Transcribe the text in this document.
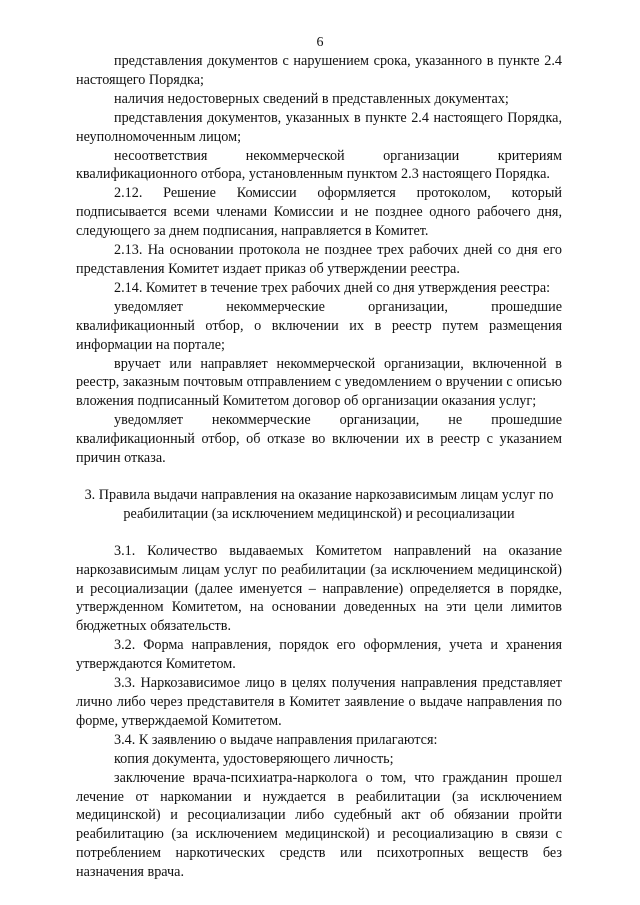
6

представления документов с нарушением срока, указанного в пункте 2.4 настоящего Порядка;

наличия недостоверных сведений в представленных документах;

представления документов, указанных в пункте 2.4 настоящего Порядка, неуполномоченным лицом;

несоответствия некоммерческой организации критериям квалификационного отбора, установленным пунктом 2.3 настоящего Порядка.

2.12. Решение Комиссии оформляется протоколом, который подписывается всеми членами Комиссии и не позднее одного рабочего дня, следующего за днем подписания, направляется в Комитет.

2.13. На основании протокола не позднее трех рабочих дней со дня его представления Комитет издает приказ об утверждении реестра.

2.14. Комитет в течение трех рабочих дней со дня утверждения реестра:

уведомляет некоммерческие организации, прошедшие квалификационный отбор, о включении их в реестр путем размещения информации на портале;

вручает или направляет некоммерческой организации, включенной в реестр, заказным почтовым отправлением с уведомлением о вручении с описью вложения подписанный Комитетом договор об организации оказания услуг;

уведомляет некоммерческие организации, не прошедшие квалификационный отбор, об отказе во включении их в реестр с указанием причин отказа.

3. Правила выдачи направления на оказание наркозависимым лицам услуг по реабилитации (за исключением медицинской) и ресоциализации

3.1. Количество выдаваемых Комитетом направлений на оказание наркозависимым лицам услуг по реабилитации (за исключением медицинской) и ресоциализации (далее именуется – направление) определяется в порядке, утвержденном Комитетом, на основании доведенных на эти цели лимитов бюджетных обязательств.

3.2. Форма направления, порядок его оформления, учета и хранения утверждаются Комитетом.

3.3. Наркозависимое лицо в целях получения направления представляет лично либо через представителя в Комитет заявление о выдаче направления по форме, утверждаемой Комитетом.

3.4. К заявлению о выдаче направления прилагаются:

копия документа, удостоверяющего личность;

заключение врача-психиатра-нарколога о том, что гражданин прошел лечение от наркомании и нуждается в реабилитации (за исключением медицинской) и ресоциализации либо судебный акт об обязании пройти реабилитацию (за исключением медицинской) и ресоциализацию в связи с потреблением наркотических средств или психотропных веществ без назначения врача.
